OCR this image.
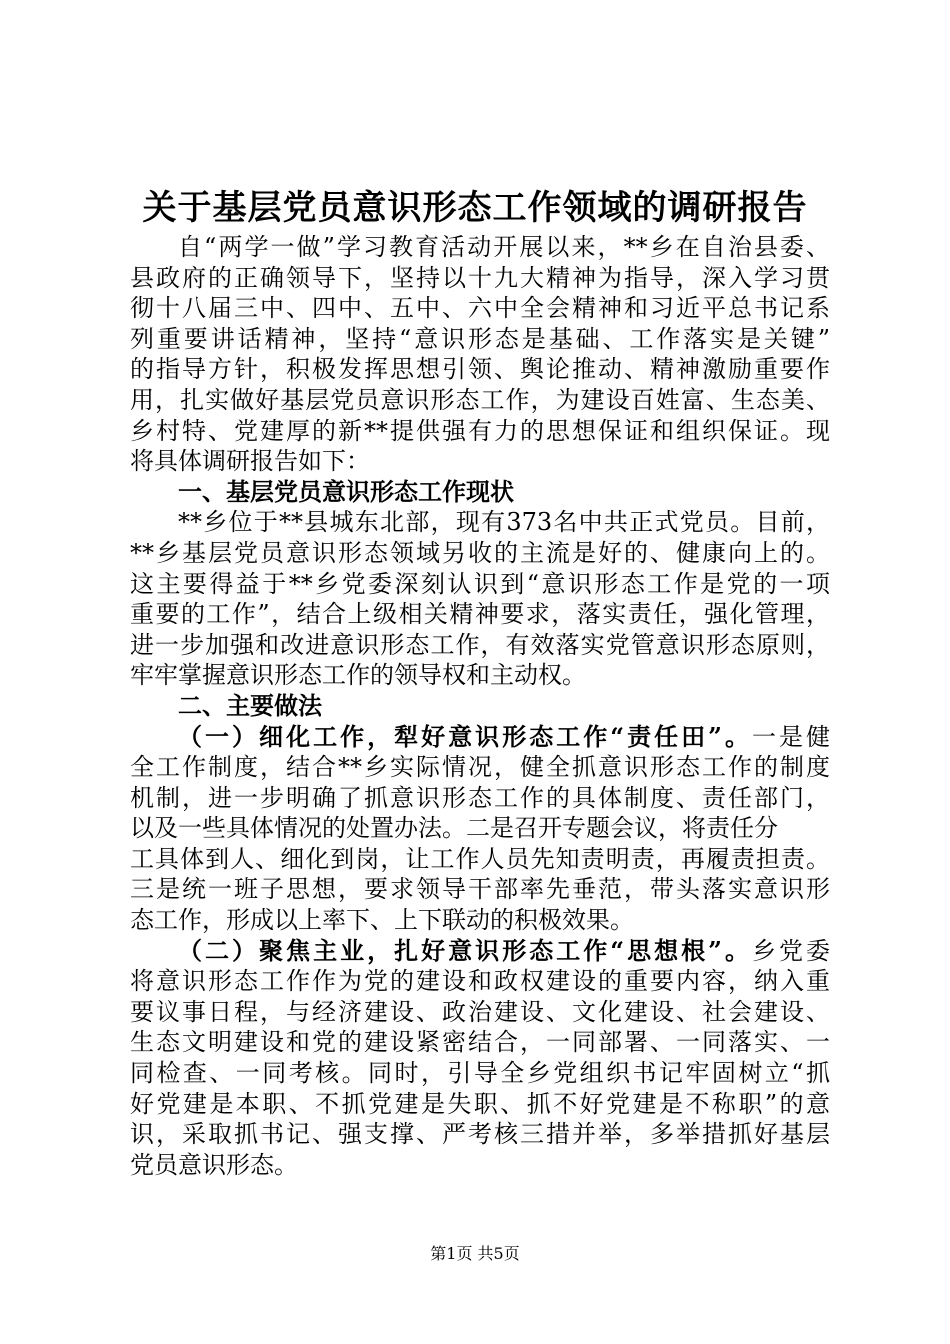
关于基层党员意识形态工作领域的调研报告
自“两学一做”学习教育活动开展以来，**乡在自治县委、
县政府的正确领导下，坚持以十九大精神为指导，深入学习贯
彻十八届三中、四中、五中、六中全会精神和习近平总书记系
列重要讲话精神，坚持“意识形态是基础、工作落实是关键”
的指导方针，积极发挥思想引领、舆论推动、精神激励重要作
用，扎实做好基层党员意识形态工作，为建设百姓富、生态美、
乡村特、党建厚的新**提供强有力的思想保证和组织保证。现
将具体调研报告如下：
一、基层党员意识形态工作现状
**乡位于**县城东北部，现有373名中共正式党员。目前，
**乡基层党员意识形态领域另收的主流是好的、健康向上的。
这主要得益于**乡党委深刻认识到“意识形态工作是党的一项
重要的工作”，结合上级相关精神要求，落实责任，强化管理，
进一步加强和改进意识形态工作，有效落实党管意识形态原则，
牢牢掌握意识形态工作的领导权和主动权。
二、主要做法
（一）细化工作，犁好意识形态工作“责任田”。一是健
全工作制度，结合**乡实际情况，健全抓意识形态工作的制度
机制，进一步明确了抓意识形态工作的具体制度、责任部门，
以及一些具体情况的处置办法。二是召开专题会议，将责任分
工具体到人、细化到岗，让工作人员先知责明责，再履责担责。
三是统一班子思想，要求领导干部率先垂范，带头落实意识形
态工作，形成以上率下、上下联动的积极效果。
（二）聚焦主业，扎好意识形态工作“思想根”。乡党委
将意识形态工作作为党的建设和政权建设的重要内容，纳入重
要议事日程，与经济建设、政治建设、文化建设、社会建设、
生态文明建设和党的建设紧密结合，一同部署、一同落实、一
同检查、一同考核。同时，引导全乡党组织书记牢固树立“抓
好党建是本职、不抓党建是失职、抓不好党建是不称职”的意
识，采取抓书记、强支撑、严考核三措并举，多举措抓好基层
党员意识形态。
第1页 共5页
